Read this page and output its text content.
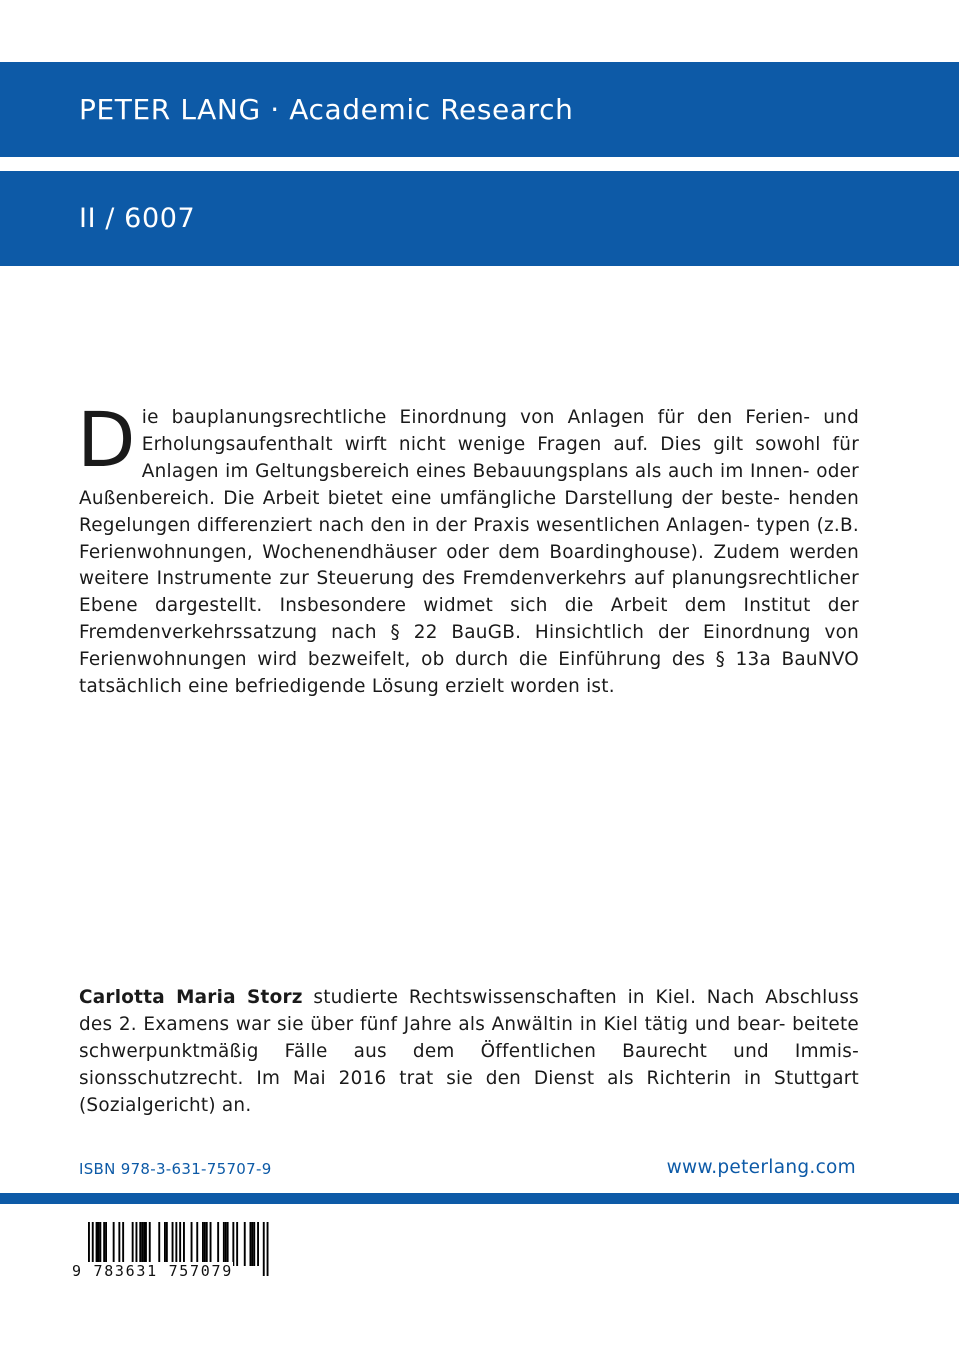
PETER LANG · Academic Research
II / 6007
Die bauplanungsrechtliche Einordnung von Anlagen für den Ferien- und Erholungsaufenthalt wirft nicht wenige Fragen auf. Dies gilt sowohl für Anlagen im Geltungsbereich eines Bebauungsplans als auch im Innen- oder Außenbereich. Die Arbeit bietet eine umfängliche Darstellung der beste- henden Regelungen differenziert nach den in der Praxis wesentlichen Anlagen- typen (z.B. Ferienwohnungen, Wochenendhäuser oder dem Boardinghouse). Zudem werden weitere Instrumente zur Steuerung des Fremdenverkehrs auf planungsrechtlicher Ebene dargestellt. Insbesondere widmet sich die Arbeit dem Institut der Fremdenverkehrssatzung nach § 22 BauGB. Hinsichtlich der Einordnung von Ferienwohnungen wird bezweifelt, ob durch die Einführung des § 13a BauNVO tatsächlich eine befriedigende Lösung erzielt worden ist.
Carlotta Maria Storz studierte Rechtswissenschaften in Kiel. Nach Abschluss des 2. Examens war sie über fünf Jahre als Anwältin in Kiel tätig und bear- beitete schwerpunktmäßig Fälle aus dem Öffentlichen Baurecht und Immis- sionsschutzrecht. Im Mai 2016 trat sie den Dienst als Richterin in Stuttgart (Sozialgericht) an.
ISBN 978-3-631-75707-9	www.peterlang.com
9 783631 757079
